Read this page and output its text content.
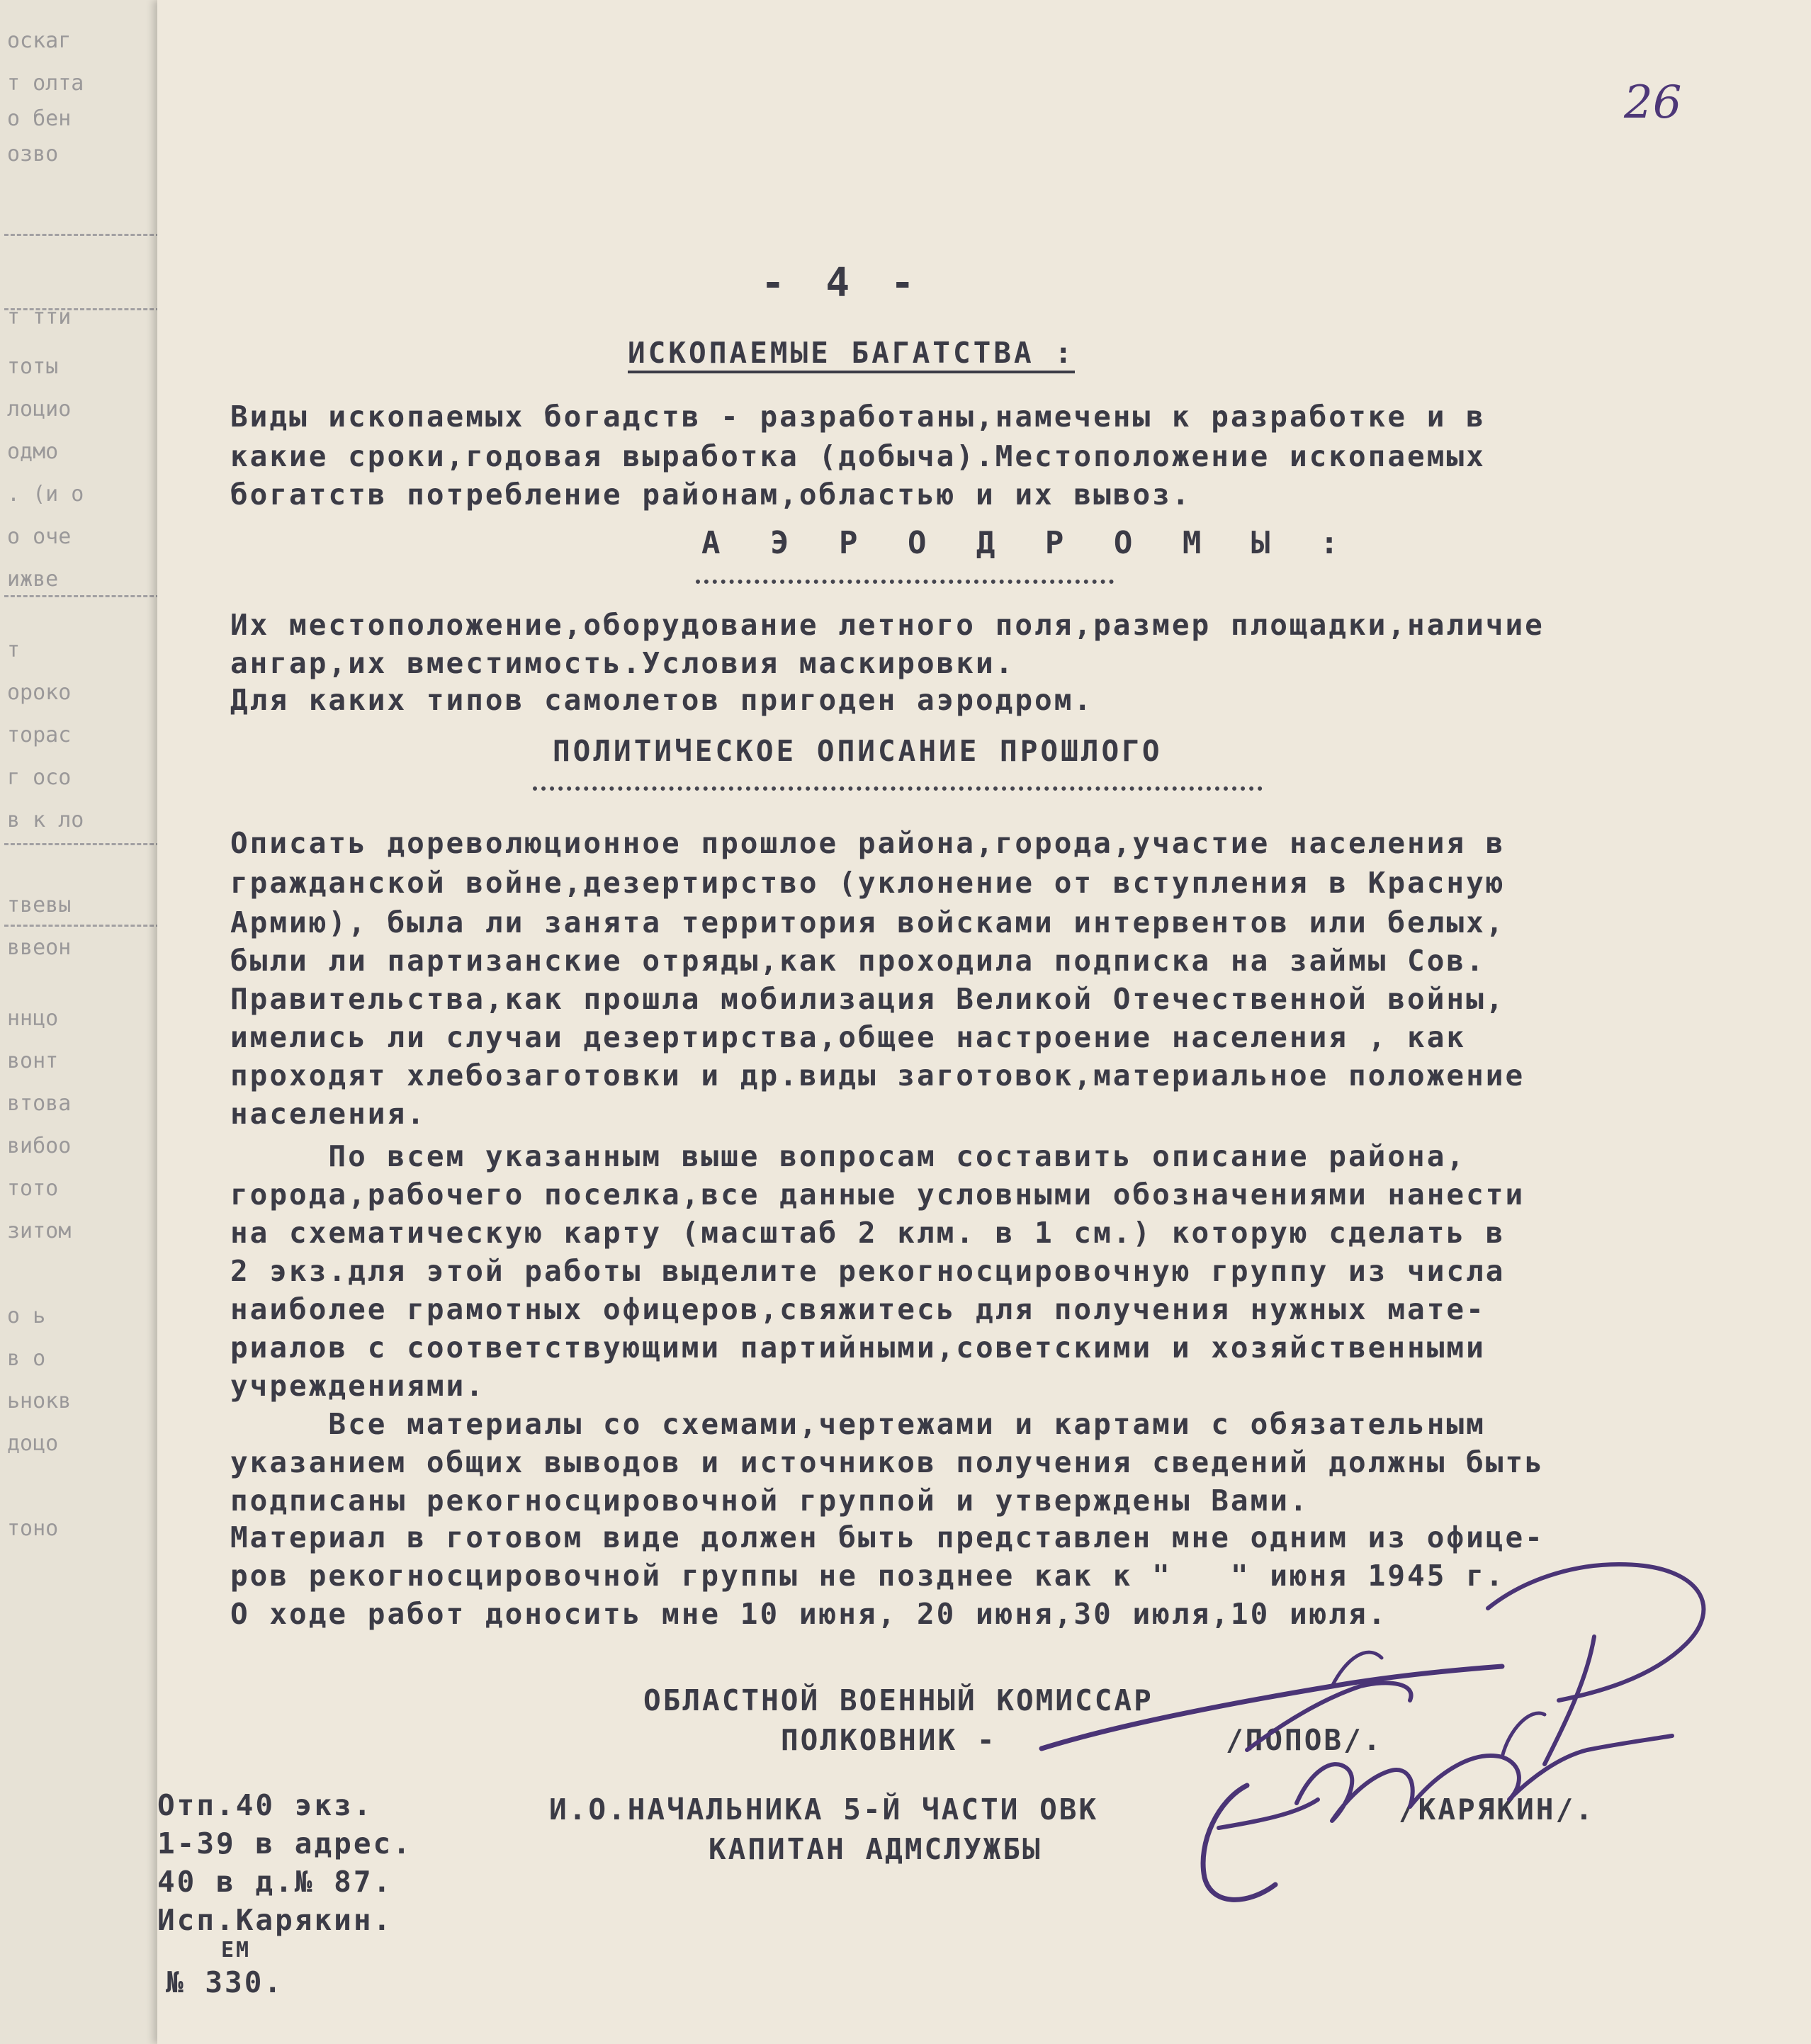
оскаг
т олта
о бен
озво
т тти
тоты
лоцио
одмо
. (и о
о оче
ижве
т
ороко
торас
г осо
в к ло
твевы
ввеон
ннцо
вонт
втова
вибоо
тото
зитом
о ь
в о
ьнокв
доцо
тоно
26
- 4 -
ИСКОПАЕМЫЕ БАГАТСТВА :
Виды ископаемых богадств - разработаны,намечены к разработке и в
какие сроки,годовая выработка (добыча).Местоположение ископаемых
богатств потребление районам,областью и их вывоз.
А Э Р О Д Р О М Ы :
Их местоположение,оборудование летного поля,размер площадки,наличие
ангар,их вместимость.Условия маскировки.
Для каких типов самолетов пригоден аэродром.
ПОЛИТИЧЕСКОЕ ОПИСАНИЕ ПРОШЛОГО
Описать дореволюционное прошлое района,города,участие населения в
гражданской войне,дезертирство (уклонение от вступления в Красную
Армию), была ли занята территория войсками интервентов или белых,
были ли партизанские отряды,как проходила подписка на займы Сов.
Правительства,как прошла мобилизация Великой Отечественной войны,
имелись ли случаи дезертирства,общее настроение населения , как
проходят хлебозаготовки и др.виды заготовок,материальное положение
населения.
По всем указанным выше вопросам составить описание района,
города,рабочего поселка,все данные условными обозначениями нанести
на схематическую карту (масштаб 2 клм. в 1 см.) которую сделать в
2 экз.для этой работы выделите рекогносцировочную группу из числа
наиболее грамотных офицеров,свяжитесь для получения нужных мате-
риалов с соответствующими партийными,советскими и хозяйственными
учреждениями.
Все материалы со схемами,чертежами и картами с обязательным
указанием общих выводов и источников получения сведений должны быть
подписаны рекогносцировочной группой и утверждены Вами.
Материал в готовом виде должен быть представлен мне одним из офице-
ров рекогносцировочной группы не позднее как к "   " июня 1945 г.
О ходе работ доносить мне 10 июня, 20 июня,30 июля,10 июля.
ОБЛАСТНОЙ ВОЕННЫЙ КОМИССАР
ПОЛКОВНИК -	/ПОПОВ/.
И.О.НАЧАЛЬНИКА 5-Й ЧАСТИ ОВК
КАПИТАН АДМСЛУЖБЫ
/КАРЯКИН/.
Отп.40 экз.
1-39 в адрес.
40 в д.№ 87.
Исп.Карякин.
ЕМ
№ 330.
